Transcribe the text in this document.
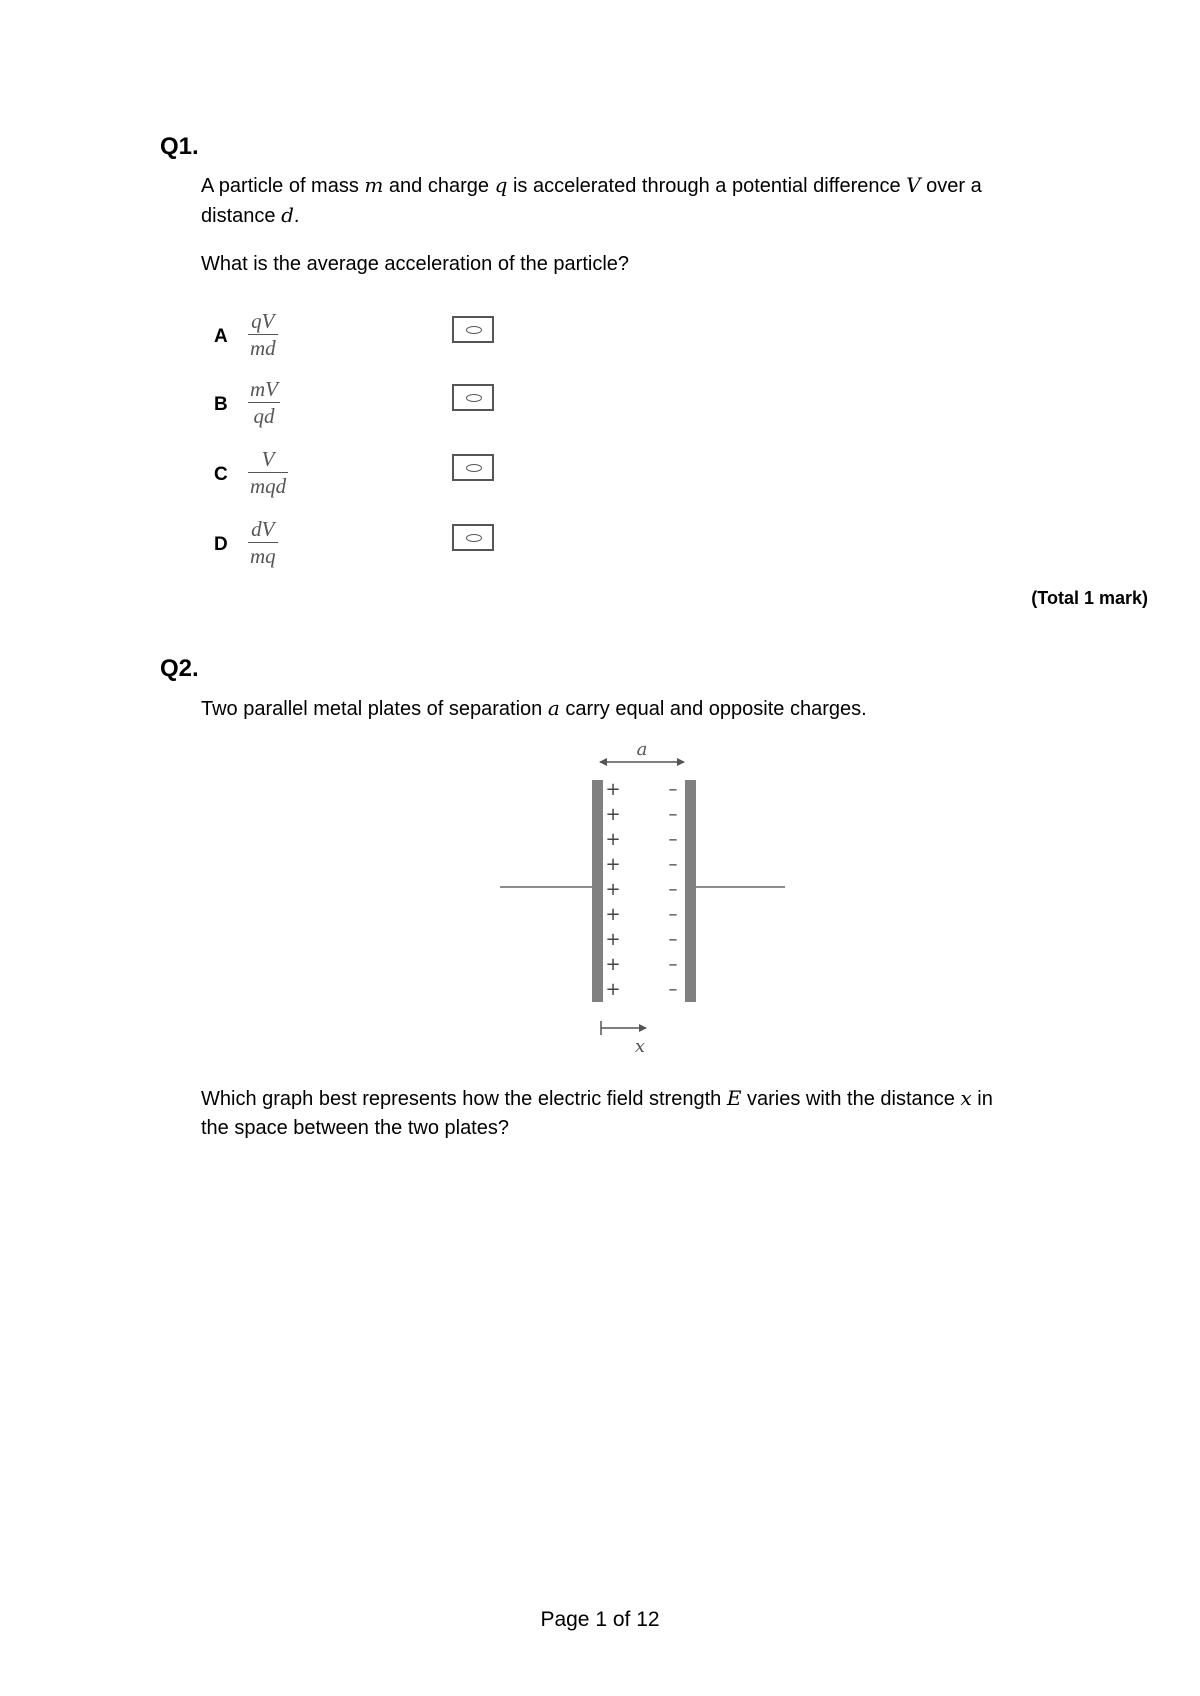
Q1.
A particle of mass m and charge q is accelerated through a potential difference V over a
distance d.
What is the average acceleration of the particle?
A
qV
md
B
mV
qd
C
V
mqd
D
dV
mq
(Total 1 mark)
Q2.
Two parallel metal plates of separation a carry equal and opposite charges.
a
+
+
+
+
+
+
+
+
+
–
–
–
–
–
–
–
–
–
x
Which graph best represents how the electric field strength E varies with the distance x in
the space between the two plates?
Page 1 of 12
